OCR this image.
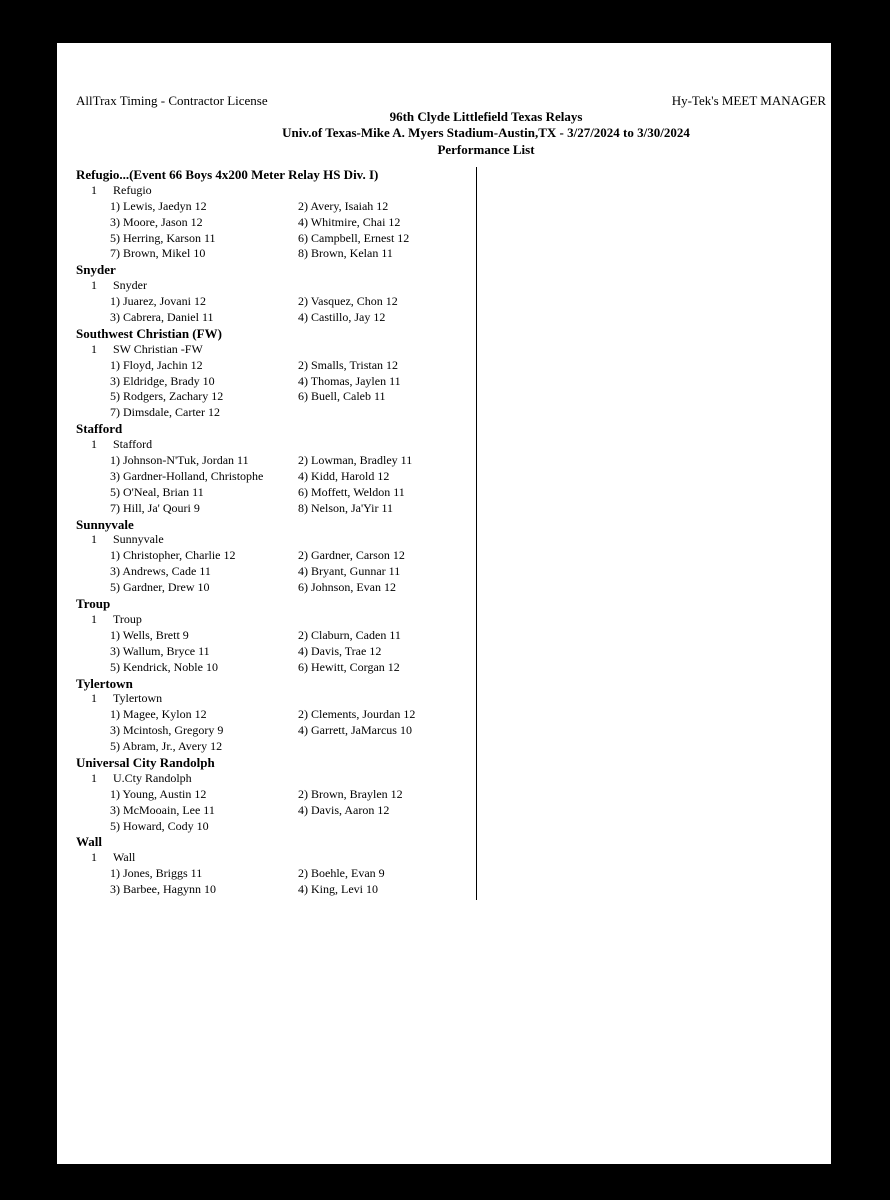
AllTrax Timing - Contractor License	Hy-Tek's MEET MANAGER
96th Clyde Littlefield Texas Relays
Univ.of Texas-Mike A. Myers Stadium-Austin,TX - 3/27/2024 to 3/30/2024
Performance List
Refugio...(Event 66 Boys 4x200 Meter Relay HS Div. I)
1 Refugio
1) Lewis, Jaedyn 12	2) Avery, Isaiah 12
3) Moore, Jason 12	4) Whitmire, Chai 12
5) Herring, Karson 11	6) Campbell, Ernest 12
7) Brown, Mikel 10	8) Brown, Kelan 11
Snyder
1 Snyder
1) Juarez, Jovani 12	2) Vasquez, Chon 12
3) Cabrera, Daniel 11	4) Castillo, Jay 12
Southwest Christian (FW)
1 SW Christian -FW
1) Floyd, Jachin 12	2) Smalls, Tristan 12
3) Eldridge, Brady 10	4) Thomas, Jaylen 11
5) Rodgers, Zachary 12	6) Buell, Caleb 11
7) Dimsdale, Carter 12
Stafford
1 Stafford
1) Johnson-N'Tuk, Jordan 11	2) Lowman, Bradley 11
3) Gardner-Holland, Christophe	4) Kidd, Harold 12
5) O'Neal, Brian 11	6) Moffett, Weldon 11
7) Hill, Ja' Qouri 9	8) Nelson, Ja'Yir 11
Sunnyvale
1 Sunnyvale
1) Christopher, Charlie 12	2) Gardner, Carson 12
3) Andrews, Cade 11	4) Bryant, Gunnar 11
5) Gardner, Drew 10	6) Johnson, Evan 12
Troup
1 Troup
1) Wells, Brett 9	2) Claburn, Caden 11
3) Wallum, Bryce 11	4) Davis, Trae 12
5) Kendrick, Noble 10	6) Hewitt, Corgan 12
Tylertown
1 Tylertown
1) Magee, Kylon 12	2) Clements, Jourdan 12
3) Mcintosh, Gregory 9	4) Garrett, JaMarcus 10
5) Abram, Jr., Avery 12
Universal City Randolph
1 U.Cty Randolph
1) Young, Austin 12	2) Brown, Braylen 12
3) McMooain, Lee 11	4) Davis, Aaron 12
5) Howard, Cody 10
Wall
1 Wall
1) Jones, Briggs 11	2) Boehle, Evan 9
3) Barbee, Hagynn 10	4) King, Levi 10
